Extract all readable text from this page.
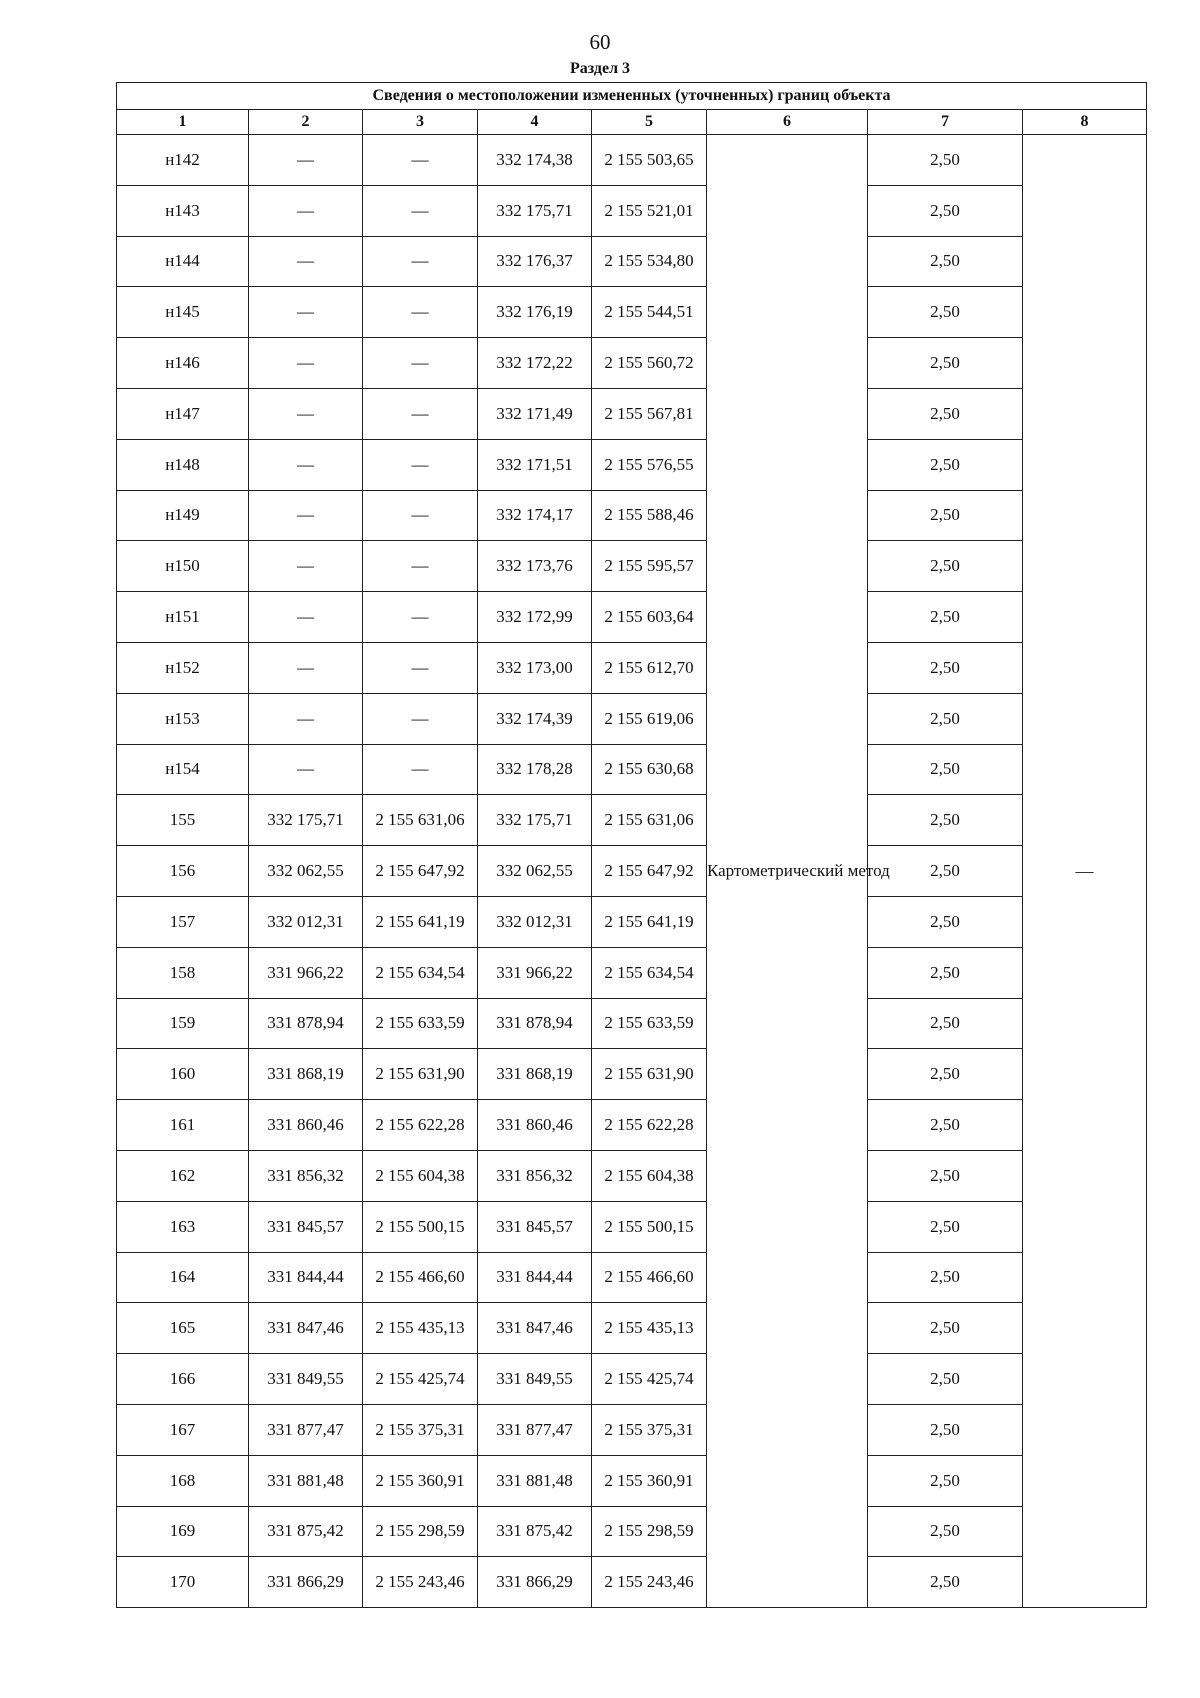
60
Раздел 3
Сведения о местоположении измененных (уточненных) границ объекта							
1	2	3	4	5	6	7	8
н142	—	—	332 174,38	2 155 503,65	Картометрический метод	2,50	—
н143	—	—	332 175,71	2 155 521,01		2,50	
н144	—	—	332 176,37	2 155 534,80		2,50	
н145	—	—	332 176,19	2 155 544,51		2,50	
н146	—	—	332 172,22	2 155 560,72		2,50	
н147	—	—	332 171,49	2 155 567,81		2,50	
н148	—	—	332 171,51	2 155 576,55		2,50	
н149	—	—	332 174,17	2 155 588,46		2,50	
н150	—	—	332 173,76	2 155 595,57		2,50	
н151	—	—	332 172,99	2 155 603,64		2,50	
н152	—	—	332 173,00	2 155 612,70		2,50	
н153	—	—	332 174,39	2 155 619,06		2,50	
н154	—	—	332 178,28	2 155 630,68		2,50	
155	332 175,71	2 155 631,06	332 175,71	2 155 631,06		2,50	
156	332 062,55	2 155 647,92	332 062,55	2 155 647,92		2,50	
157	332 012,31	2 155 641,19	332 012,31	2 155 641,19		2,50	
158	331 966,22	2 155 634,54	331 966,22	2 155 634,54		2,50	
159	331 878,94	2 155 633,59	331 878,94	2 155 633,59		2,50	
160	331 868,19	2 155 631,90	331 868,19	2 155 631,90		2,50	
161	331 860,46	2 155 622,28	331 860,46	2 155 622,28		2,50	
162	331 856,32	2 155 604,38	331 856,32	2 155 604,38		2,50	
163	331 845,57	2 155 500,15	331 845,57	2 155 500,15		2,50	
164	331 844,44	2 155 466,60	331 844,44	2 155 466,60		2,50	
165	331 847,46	2 155 435,13	331 847,46	2 155 435,13		2,50	
166	331 849,55	2 155 425,74	331 849,55	2 155 425,74		2,50	
167	331 877,47	2 155 375,31	331 877,47	2 155 375,31		2,50	
168	331 881,48	2 155 360,91	331 881,48	2 155 360,91		2,50	
169	331 875,42	2 155 298,59	331 875,42	2 155 298,59		2,50	
170	331 866,29	2 155 243,46	331 866,29	2 155 243,46		2,50	
